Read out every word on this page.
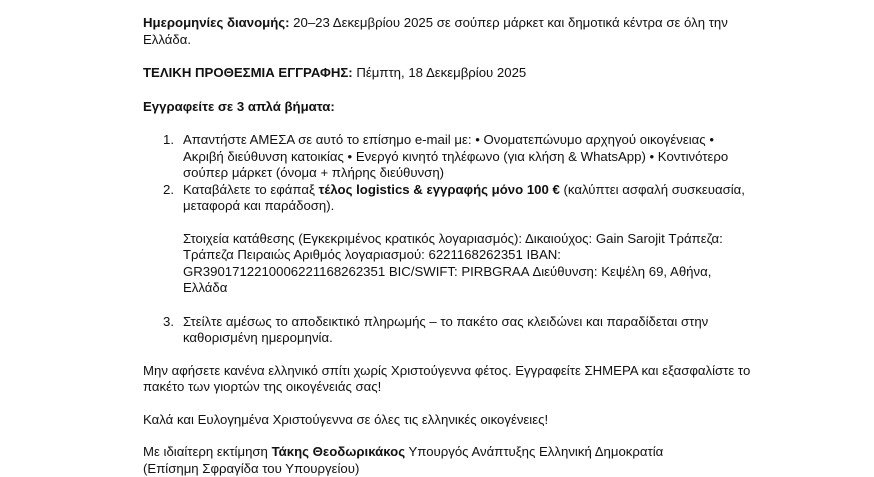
Ημερομηνίες διανομής: 20–23 Δεκεμβρίου 2025 σε σούπερ μάρκετ και δημοτικά κέντρα σε όλη την Ελλάδα.

ΤΕΛΙΚΗ ΠΡΟΘΕΣΜΙΑ ΕΓΓΡΑΦΗΣ: Πέμπτη, 18 Δεκεμβρίου 2025

Εγγραφείτε σε 3 απλά βήματα:

1. Απαντήστε ΑΜΕΣΑ σε αυτό το επίσημο e-mail με: • Ονοματεπώνυμο αρχηγού οικογένειας • Ακριβή διεύθυνση κατοικίας • Ενεργό κινητό τηλέφωνο (για κλήση & WhatsApp) • Κοντινότερο σούπερ μάρκετ (όνομα + πλήρης διεύθυνση)
2. Καταβάλετε το εφάπαξ τέλος logistics & εγγραφής μόνο 100 € (καλύπτει ασφαλή συσκευασία, μεταφορά και παράδοση).
Στοιχεία κατάθεσης (Εγκεκριμένος κρατικός λογαριασμός): Δικαιούχος: Gain Sarojit Τράπεζα: Τράπεζα Πειραιώς Αριθμός λογαριασμού: 6221168262351 IBAN: GR3901712210006221168262351 BIC/SWIFT: PIRBGRAA Διεύθυνση: Κεψέλη 69, Αθήνα, Ελλάδα
3. Στείλτε αμέσως το αποδεικτικό πληρωμής – το πακέτο σας κλειδώνει και παραδίδεται στην καθορισμένη ημερομηνία.

Μην αφήσετε κανένα ελληνικό σπίτι χωρίς Χριστούγεννα φέτος. Εγγραφείτε ΣΗΜΕΡΑ και εξασφαλίστε το πακέτο των γιορτών της οικογένειάς σας!

Καλά και Ευλογημένα Χριστούγεννα σε όλες τις ελληνικές οικογένειες!

Με ιδιαίτερη εκτίμηση Τάκης Θεοδωρικάκος Υπουργός Ανάπτυξης Ελληνική Δημοκρατία
(Επίσημη Σφραγίδα του Υπουργείου)
